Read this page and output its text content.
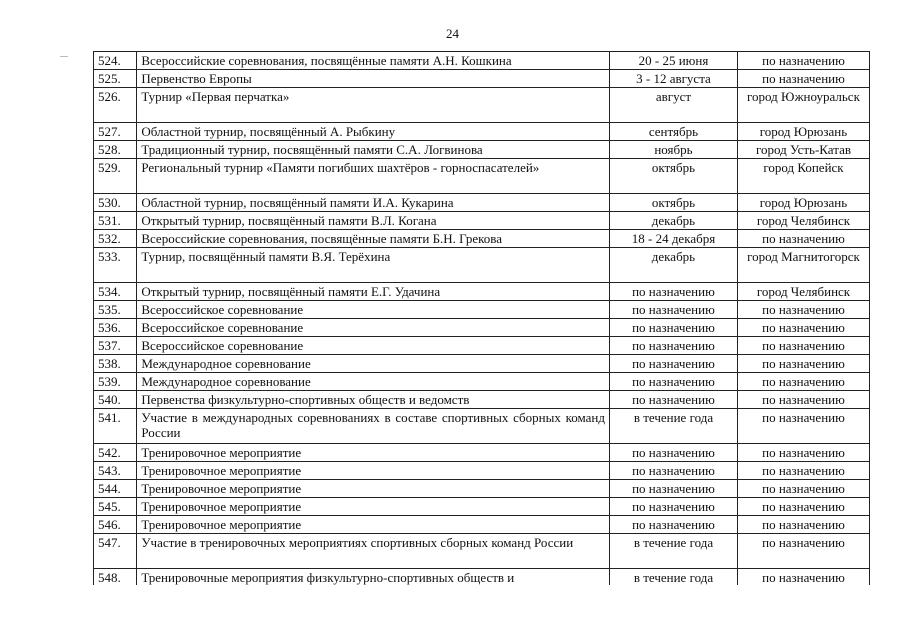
24
524.	Всероссийские соревнования, посвящённые памяти А.Н. Кошкина	20 - 25 июня	по назначению
525.	Первенство Европы	3 - 12 августа	по назначению
526.	Турнир «Первая перчатка»	август	город Южноуральск
527.	Областной турнир, посвящённый А. Рыбкину	сентябрь	город Юрюзань
528.	Традиционный турнир, посвящённый памяти С.А. Логвинова	ноябрь	город Усть-Катав
529.	Региональный турнир «Памяти погибших шахтёров - горноспасателей»	октябрь	город Копейск
530.	Областной турнир, посвящённый памяти И.А. Кукарина	октябрь	город Юрюзань
531.	Открытый турнир, посвящённый памяти В.Л. Когана	декабрь	город Челябинск
532.	Всероссийские соревнования, посвящённые памяти Б.Н. Грекова	18 - 24 декабря	по назначению
533.	Турнир, посвящённый памяти В.Я. Терёхина	декабрь	город Магнитогорск
534.	Открытый турнир, посвящённый памяти Е.Г. Удачина	по назначению	город Челябинск
535.	Всероссийское соревнование	по назначению	по назначению
536.	Всероссийское соревнование	по назначению	по назначению
537.	Всероссийское соревнование	по назначению	по назначению
538.	Международное соревнование	по назначению	по назначению
539.	Международное соревнование	по назначению	по назначению
540.	Первенства физкультурно-спортивных обществ и ведомств	по назначению	по назначению
541.	Участие в международных соревнованиях в составе спортивных сборных команд России	в течение года	по назначению
542.	Тренировочное мероприятие	по назначению	по назначению
543.	Тренировочное мероприятие	по назначению	по назначению
544.	Тренировочное мероприятие	по назначению	по назначению
545.	Тренировочное мероприятие	по назначению	по назначению
546.	Тренировочное мероприятие	по назначению	по назначению
547.	Участие в тренировочных мероприятиях спортивных сборных команд России	в течение года	по назначению
548.	Тренировочные мероприятия физкультурно-спортивных обществ и	в течение года	по назначению
